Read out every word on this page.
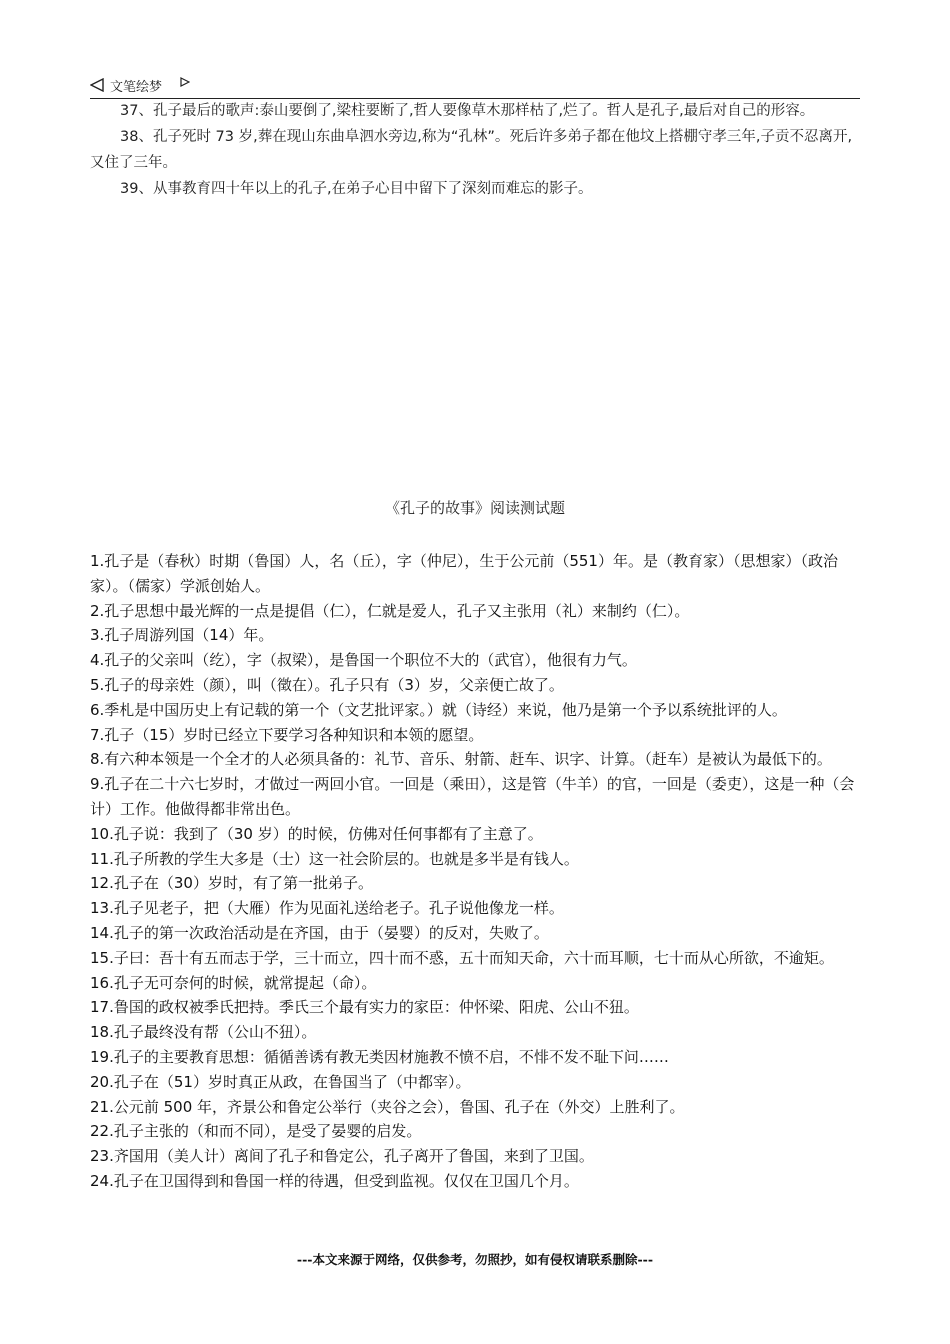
文笔绘梦

37、孔子最后的歌声:泰山要倒了,梁柱要断了,哲人要像草木那样枯了,烂了。哲人是孔子,最后对自己的形容。

38、孔子死时 73 岁,葬在现山东曲阜泗水旁边,称为“孔林”。死后许多弟子都在他坟上搭棚守孝三年,子贡不忍离开,又住了三年。

39、从事教育四十年以上的孔子,在弟子心目中留下了深刻而难忘的影子。

《孔子的故事》阅读测试题

1.孔子是（春秋）时期（鲁国）人，名（丘），字（仲尼），生于公元前（551）年。是（教育家）（思想家）（政治家）。（儒家）学派创始人。

2.孔子思想中最光辉的一点是提倡（仁），仁就是爱人，孔子又主张用（礼）来制约（仁）。

3.孔子周游列国（14）年。

4.孔子的父亲叫（纥），字（叔梁），是鲁国一个职位不大的（武官），他很有力气。

5.孔子的母亲姓（颜），叫（徵在）。孔子只有（3）岁，父亲便亡故了。

6.季札是中国历史上有记载的第一个（文艺批评家。）就（诗经）来说，他乃是第一个予以系统批评的人。

7.孔子（15）岁时已经立下要学习各种知识和本领的愿望。

8.有六种本领是一个全才的人必须具备的：礼节、音乐、射箭、赶车、识字、计算。（赶车）是被认为最低下的。

9.孔子在二十六七岁时，才做过一两回小官。一回是（乘田），这是管（牛羊）的官，一回是（委吏），这是一种（会计）工作。他做得都非常出色。

10.孔子说：我到了（30 岁）的时候，仿佛对任何事都有了主意了。

11.孔子所教的学生大多是（士）这一社会阶层的。也就是多半是有钱人。

12.孔子在（30）岁时，有了第一批弟子。

13.孔子见老子，把（大雁）作为见面礼送给老子。孔子说他像龙一样。

14.孔子的第一次政治活动是在齐国，由于（晏婴）的反对，失败了。

15.子曰：吾十有五而志于学，三十而立，四十而不惑，五十而知天命，六十而耳顺，七十而从心所欲，不逾矩。

16.孔子无可奈何的时候，就常提起（命）。

17.鲁国的政权被季氏把持。季氏三个最有实力的家臣：仲怀梁、阳虎、公山不狃。

18.孔子最终没有帮（公山不狃）。

19.孔子的主要教育思想：循循善诱有教无类因材施教不愤不启，不悱不发不耻下问……

20.孔子在（51）岁时真正从政，在鲁国当了（中都宰）。

21.公元前 500 年，齐景公和鲁定公举行（夹谷之会），鲁国、孔子在（外交）上胜利了。

22.孔子主张的（和而不同），是受了晏婴的启发。

23.齐国用（美人计）离间了孔子和鲁定公，孔子离开了鲁国，来到了卫国。

24.孔子在卫国得到和鲁国一样的待遇，但受到监视。仅仅在卫国几个月。

---本文来源于网络，仅供参考，勿照抄，如有侵权请联系删除---
